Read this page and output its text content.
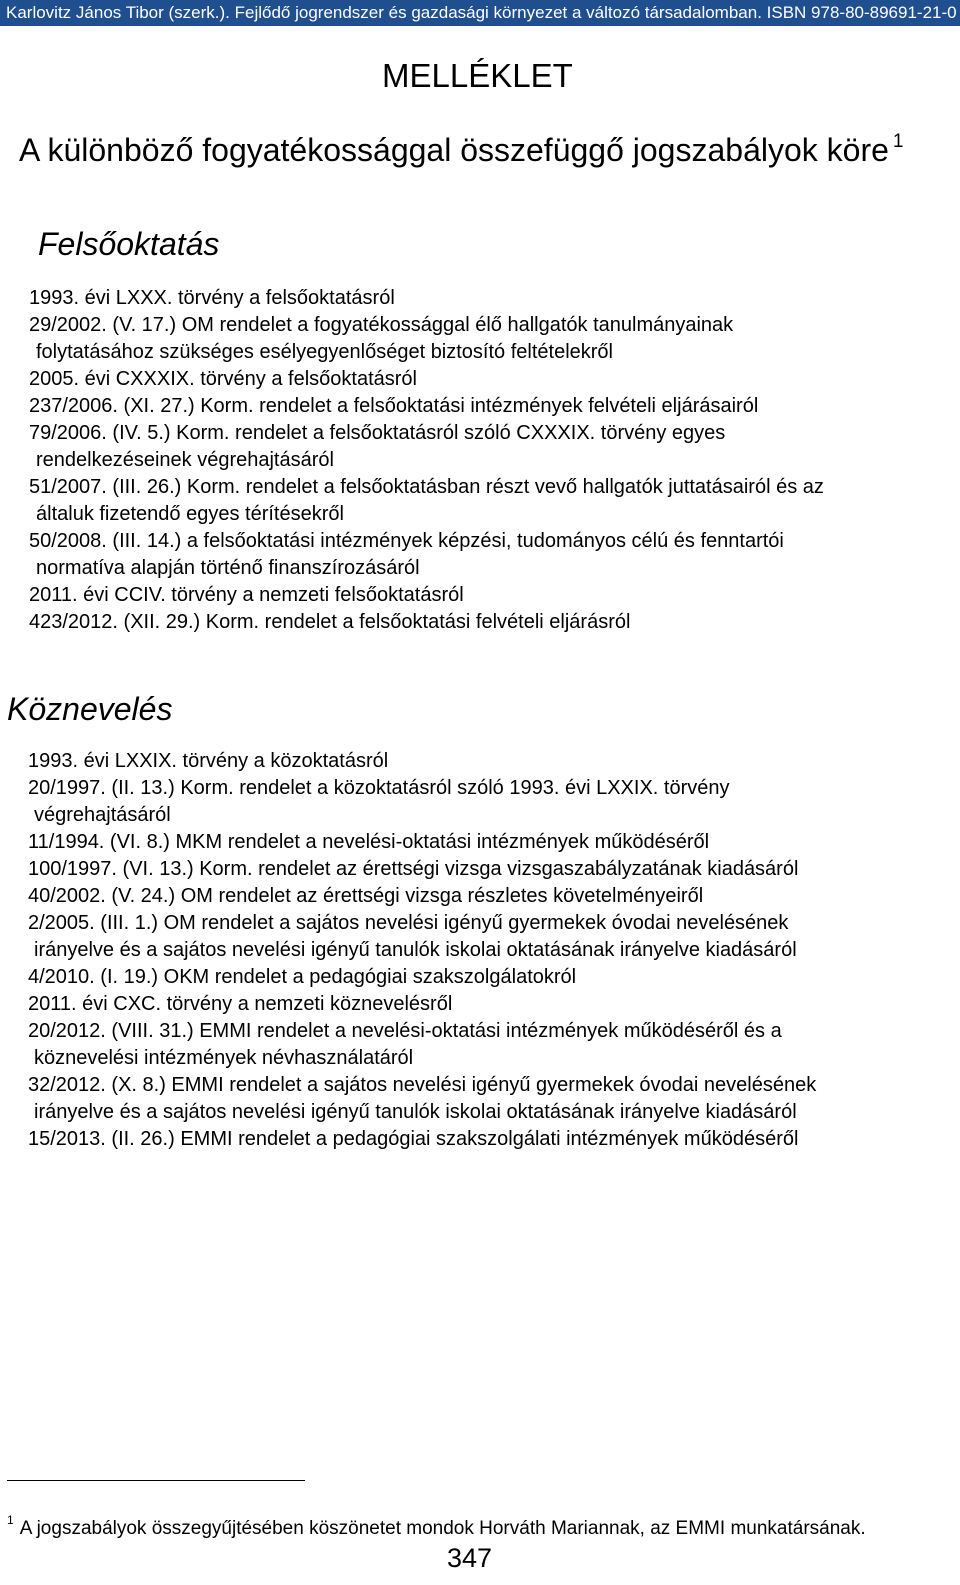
Karlovitz János Tibor (szerk.). Fejlődő jogrendszer és gazdasági környezet a változó társadalomban. ISBN 978-80-89691-21-0
MELLÉKLET
A különböző fogyatékossággal összefüggő jogszabályok köre $^1$
Felsőoktatás
1993. évi LXXX. törvény a felsőoktatásról
29/2002. (V. 17.) OM rendelet a fogyatékossággal élő hallgatók tanulmányainak
folytatásához szükséges esélyegyenlőséget biztosító feltételekről
2005. évi CXXXIX. törvény a felsőoktatásról
237/2006. (XI. 27.) Korm. rendelet a felsőoktatási intézmények felvételi eljárásairól
79/2006. (IV. 5.) Korm. rendelet a felsőoktatásról szóló CXXXIX. törvény egyes
rendelkezéseinek végrehajtásáról
51/2007. (III. 26.) Korm. rendelet a felsőoktatásban részt vevő hallgatók juttatásairól és az
általuk fizetendő egyes térítésekről
50/2008. (III. 14.) a felsőoktatási intézmények képzési, tudományos célú és fenntartói
normatíva alapján történő finanszírozásáról
2011. évi CCIV. törvény a nemzeti felsőoktatásról
423/2012. (XII. 29.) Korm. rendelet a felsőoktatási felvételi eljárásról
Köznevelés
1993. évi LXXIX. törvény a közoktatásról
20/1997. (II. 13.) Korm. rendelet a közoktatásról szóló 1993. évi LXXIX. törvény
végrehajtásáról
11/1994. (VI. 8.) MKM rendelet a nevelési-oktatási intézmények működéséről
100/1997. (VI. 13.) Korm. rendelet az érettségi vizsga vizsgaszabályzatának kiadásáról
40/2002. (V. 24.) OM rendelet az érettségi vizsga részletes követelményeiről
2/2005. (III. 1.) OM rendelet a sajátos nevelési igényű gyermekek óvodai nevelésének
irányelve és a sajátos nevelési igényű tanulók iskolai oktatásának irányelve kiadásáról
4/2010. (I. 19.) OKM rendelet a pedagógiai szakszolgálatokról
2011. évi CXC. törvény a nemzeti köznevelésről
20/2012. (VIII. 31.) EMMI rendelet a nevelési-oktatási intézmények működéséről és a
köznevelési intézmények névhasználatáról
32/2012. (X. 8.) EMMI rendelet a sajátos nevelési igényű gyermekek óvodai nevelésének
irányelve és a sajátos nevelési igényű tanulók iskolai oktatásának irányelve kiadásáról
15/2013. (II. 26.) EMMI rendelet a pedagógiai szakszolgálati intézmények működéséről
$^1$ A jogszabályok összegyűjtésében köszönetet mondok Horváth Mariannak, az EMMI munkatársának.
347
